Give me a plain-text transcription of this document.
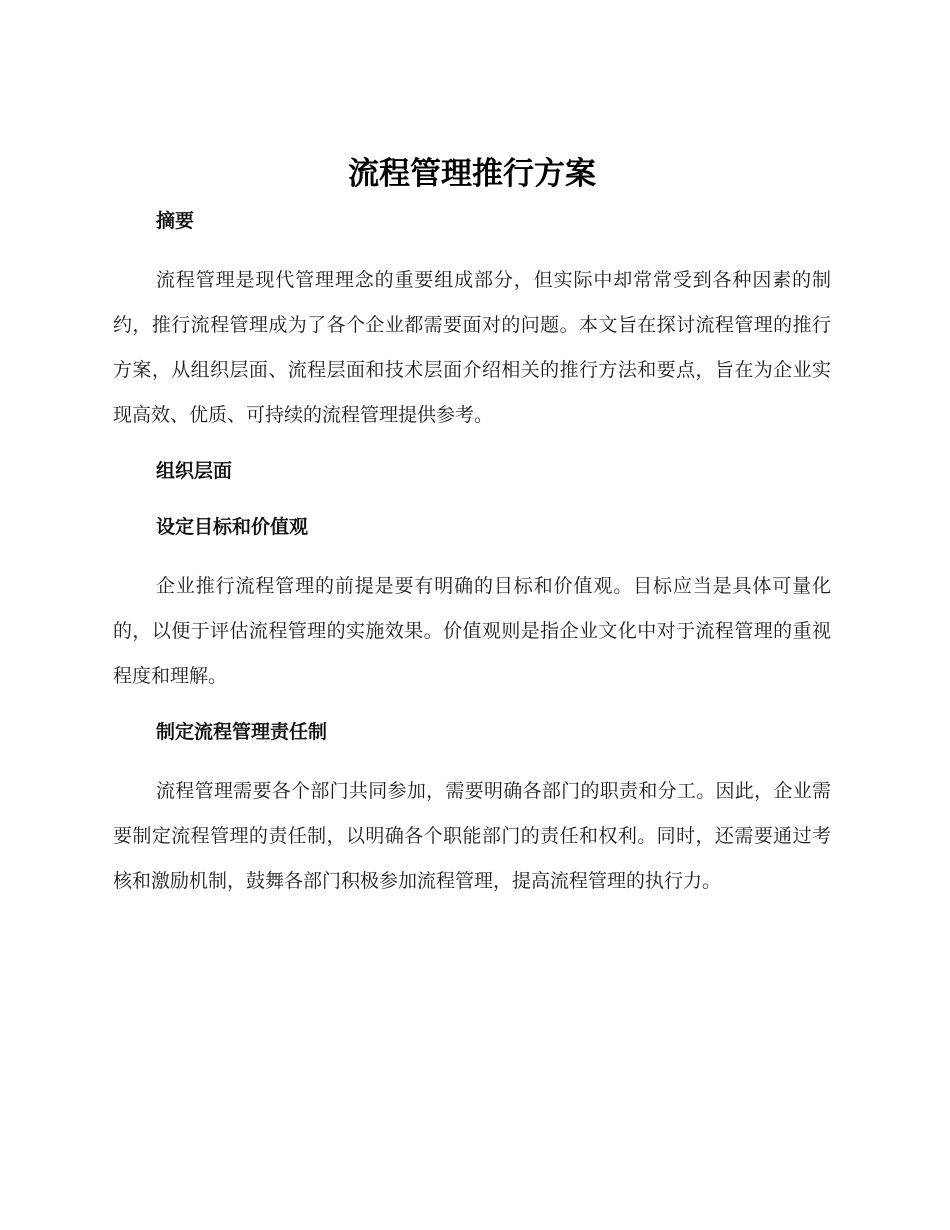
流程管理推行方案
摘要

流程管理是现代管理理念的重要组成部分，但实际中却常常受到各种因素的制约，推行流程管理成为了各个企业都需要面对的问题。本文旨在探讨流程管理的推行方案，从组织层面、流程层面和技术层面介绍相关的推行方法和要点，旨在为企业实现高效、优质、可持续的流程管理提供参考。

组织层面
设定目标和价值观

企业推行流程管理的前提是要有明确的目标和价值观。目标应当是具体可量化的，以便于评估流程管理的实施效果。价值观则是指企业文化中对于流程管理的重视程度和理解。

制定流程管理责任制

流程管理需要各个部门共同参加，需要明确各部门的职责和分工。因此，企业需要制定流程管理的责任制，以明确各个职能部门的责任和权利。同时，还需要通过考核和激励机制，鼓舞各部门积极参加流程管理，提高流程管理的执行力。
